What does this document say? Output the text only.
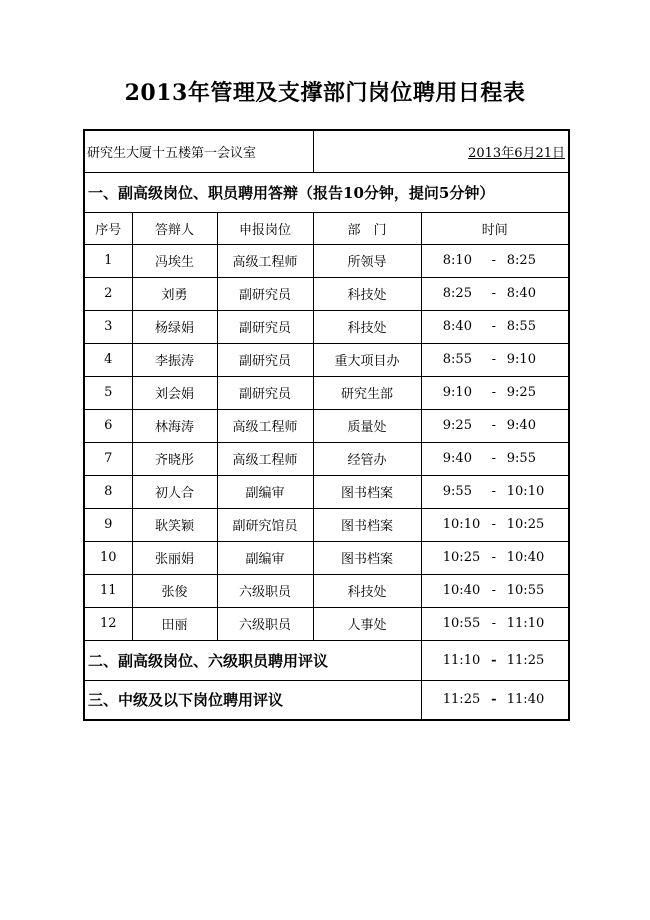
2013年管理及支撑部门岗位聘用日程表
研究生大厦十五楼第一会议室			2013年6月21日	
一、副高级岗位、职员聘用答辩（报告10分钟，提问5分钟）				
序号	答辩人	申报岗位	部　门	时间
1	冯埃生	高级工程师	所领导	8:10 - 8:25

2	刘勇	副研究员	科技处	8:25 - 8:40

3	杨绿娟	副研究员	科技处	8:40 - 8:55

4	李振涛	副研究员	重大项目办	8:55 - 9:10

5	刘会娟	副研究员	研究生部	9:10 - 9:25

6	林海涛	高级工程师	质量处	9:25 - 9:40

7	齐晓彤	高级工程师	经管办	9:40 - 9:55

8	初人合	副编审	图书档案	9:55 - 10:10

9	耿笑颖	副研究馆员	图书档案	10:10 - 10:25

10	张丽娟	副编审	图书档案	10:25 - 10:40

11	张俊	六级职员	科技处	10:40 - 10:55

12	田丽	六级职员	人事处	10:55 - 11:10

二、副高级岗位、六级职员聘用评议				11:10 - 11:25

三、中级及以下岗位聘用评议				11:25 - 11:40
